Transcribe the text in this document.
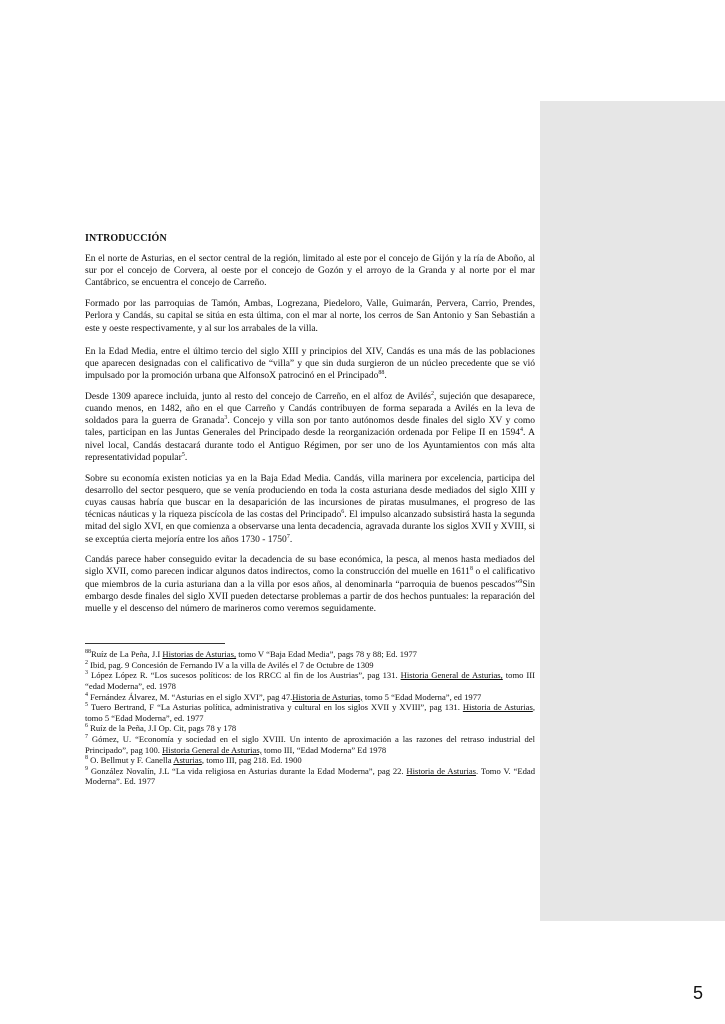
INTRODUCCIÓN

En el norte de Asturias, en el sector central de la región, limitado al este por el concejo de Gijón y la ría de Aboño, al sur por el concejo de Corvera, al oeste por el concejo de Gozón y el arroyo de la Granda y al norte por el mar Cantábrico, se encuentra el concejo de Carreño.

Formado por las parroquias de Tamón, Ambas, Logrezana, Piedeloro, Valle, Guimarán, Pervera, Carrio, Prendes, Perlora y Candás, su capital se sitúa en esta última, con el mar al norte, los cerros de San Antonio y San Sebastián a este y oeste respectivamente, y al sur los arrabales de la villa.

En la Edad Media, entre el último tercio del siglo XIII y principios del XIV, Candás es una más de las poblaciones que aparecen designadas con el calificativo de “villa” y que sin duda surgieron de un núcleo precedente que se vió impulsado por la promoción urbana que AlfonsoX patrocinó en el Principado$^{88}$.

Desde 1309 aparece incluida, junto al resto del concejo de Carreño, en el alfoz de Avilés$^2$, sujeción que desaparece, cuando menos, en 1482, año en el que Carreño y Candás contribuyen de forma separada a Avilés en la leva de soldados para la guerra de Granada$^3$. Concejo y villa son por tanto autónomos desde finales del siglo XV y como tales, participan en las Juntas Generales del Principado desde la reorganización ordenada por Felipe II en 1594$^4$. A nivel local, Candás destacará durante todo el Antiguo Régimen, por ser uno de los Ayuntamientos con más alta representatividad popular$^5$.

Sobre su economía existen noticias ya en la Baja Edad Media. Candás, villa marinera por excelencia, participa del desarrollo del sector pesquero, que se venía produciendo en toda la costa asturiana desde mediados del siglo XIII y cuyas causas habría que buscar en la desaparición de las incursiones de piratas musulmanes, el progreso de las técnicas náuticas y la riqueza piscícola de las costas del Principado$^6$. El impulso alcanzado subsistirá hasta la segunda mitad del siglo XVI, en que comienza a observarse una lenta decadencia, agravada durante los siglos XVII y XVIII, si se exceptúa cierta mejoría entre los años 1730 - 1750$^7$.

Candás parece haber conseguido evitar la decadencia de su base económica, la pesca, al menos hasta mediados del siglo XVII, como parecen indicar algunos datos indirectos, como la construcción del muelle en 1611$^8$ o el calificativo que miembros de la curia asturiana dan a la villa por esos años, al denominarla “parroquia de buenos pescados”$^9$Sin embargo desde finales del siglo XVII pueden detectarse problemas a partir de dos hechos puntuales: la reparación del muelle y el descenso del número de marineros como veremos seguidamente.

$^{88}$Ruíz de La Peña, J.I Historias de Asturias, tomo V “Baja Edad Media”, pags 78 y 88; Ed. 1977

$^2$ Ibid, pag. 9 Concesión de Fernando IV a la villa de Avilés el 7 de Octubre de 1309

$^3$ López López R. “Los sucesos políticos: de los RRCC al fin de los Austrias”, pag 131. Historia General de Asturias, tomo III “edad Moderna”, ed. 1978

$^4$ Fernández Álvarez, M. “Asturias en el siglo XVI”, pag 47.Historia de Asturias, tomo 5 “Edad Moderna”, ed 1977

$^5$ Tuero Bertrand, F “La Asturias política, administrativa y cultural en los siglos XVII y XVIII”, pag 131. Historia de Asturias, tomo 5 “Edad Moderna”, ed. 1977

$^6$ Ruíz de la Peña, J.I Op. Cit, pags 78 y 178

$^7$ Gómez, U. “Economía y sociedad en el siglo XVIII. Un intento de aproximación a las razones del retraso industrial del Principado”, pag 100. Historia General de Asturias, tomo III, “Edad Moderna” Ed 1978

$^8$ O. Bellmut y F. Canella Asturias, tomo III, pag 218. Ed. 1900

$^9$ González Novalín, J.L “La vida religiosa en Asturias durante la Edad Moderna”, pag 22. Historia de Asturias. Tomo V. “Edad Moderna”. Ed. 1977

5
